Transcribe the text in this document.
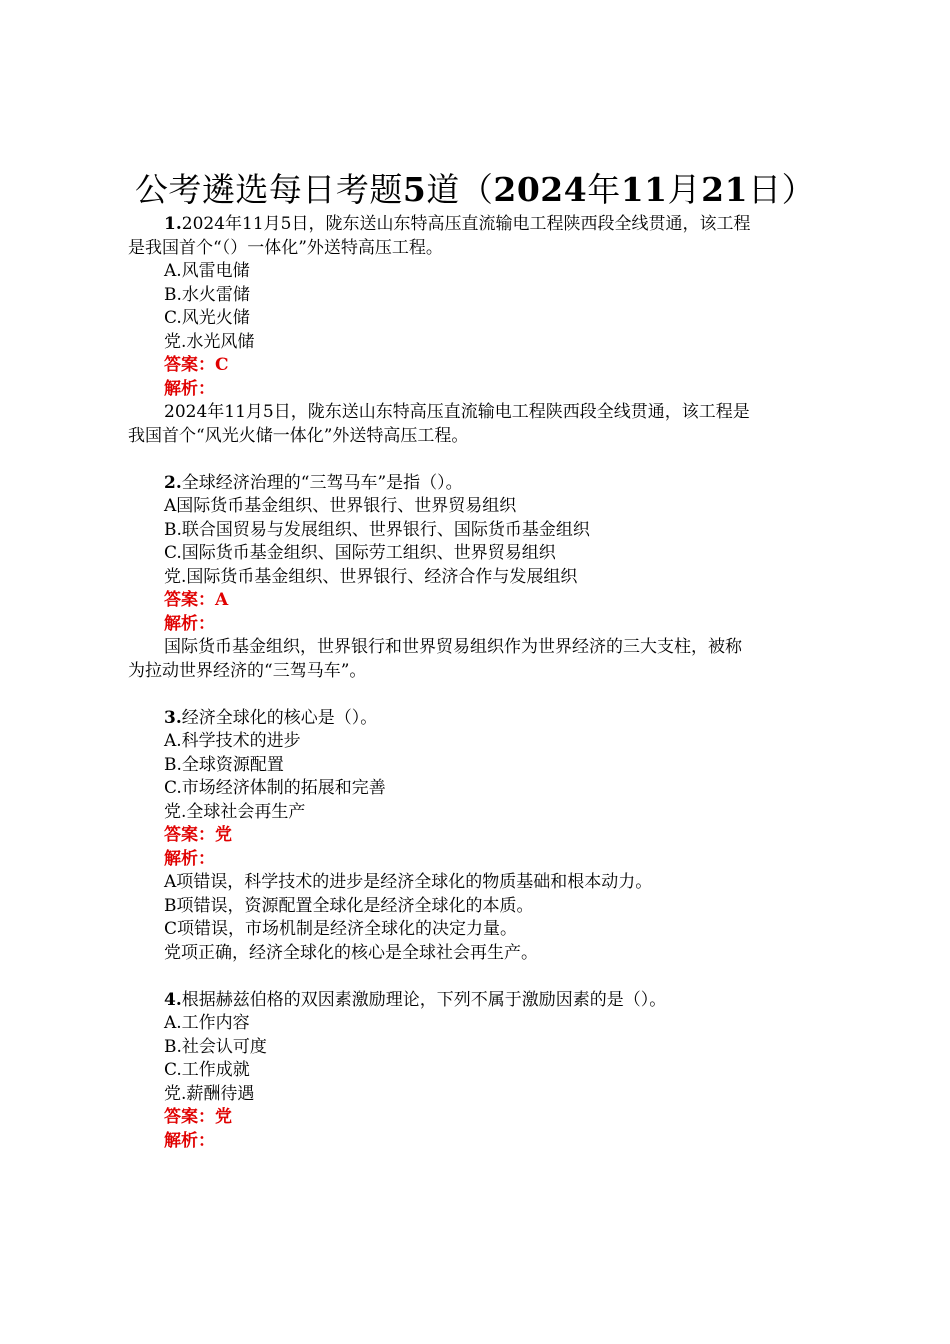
公考遴选每日考题5道（2024年11月21日）

1.2024年11月5日，陇东送山东特高压直流输电工程陕西段全线贯通，该工程

是我国首个“（）一体化”外送特高压工程。

A.风雷电储

B.水火雷储

C.风光火储

党.水光风储

答案：C

解析：

2024年11月5日，陇东送山东特高压直流输电工程陕西段全线贯通，该工程是

我国首个“风光火储一体化”外送特高压工程。

2.全球经济治理的“三驾马车”是指（）。

A国际货币基金组织、世界银行、世界贸易组织

B.联合国贸易与发展组织、世界银行、国际货币基金组织

C.国际货币基金组织、国际劳工组织、世界贸易组织

党.国际货币基金组织、世界银行、经济合作与发展组织

答案：A

解析：

国际货币基金组织，世界银行和世界贸易组织作为世界经济的三大支柱，被称

为拉动世界经济的“三驾马车”。

3.经济全球化的核心是（）。

A.科学技术的进步

B.全球资源配置

C.市场经济体制的拓展和完善

党.全球社会再生产

答案：党

解析：

A项错误，科学技术的进步是经济全球化的物质基础和根本动力。

B项错误，资源配置全球化是经济全球化的本质。

C项错误，市场机制是经济全球化的决定力量。

党项正确，经济全球化的核心是全球社会再生产。

4.根据赫兹伯格的双因素激励理论，下列不属于激励因素的是（）。

A.工作内容

B.社会认可度

C.工作成就

党.薪酬待遇

答案：党

解析：
